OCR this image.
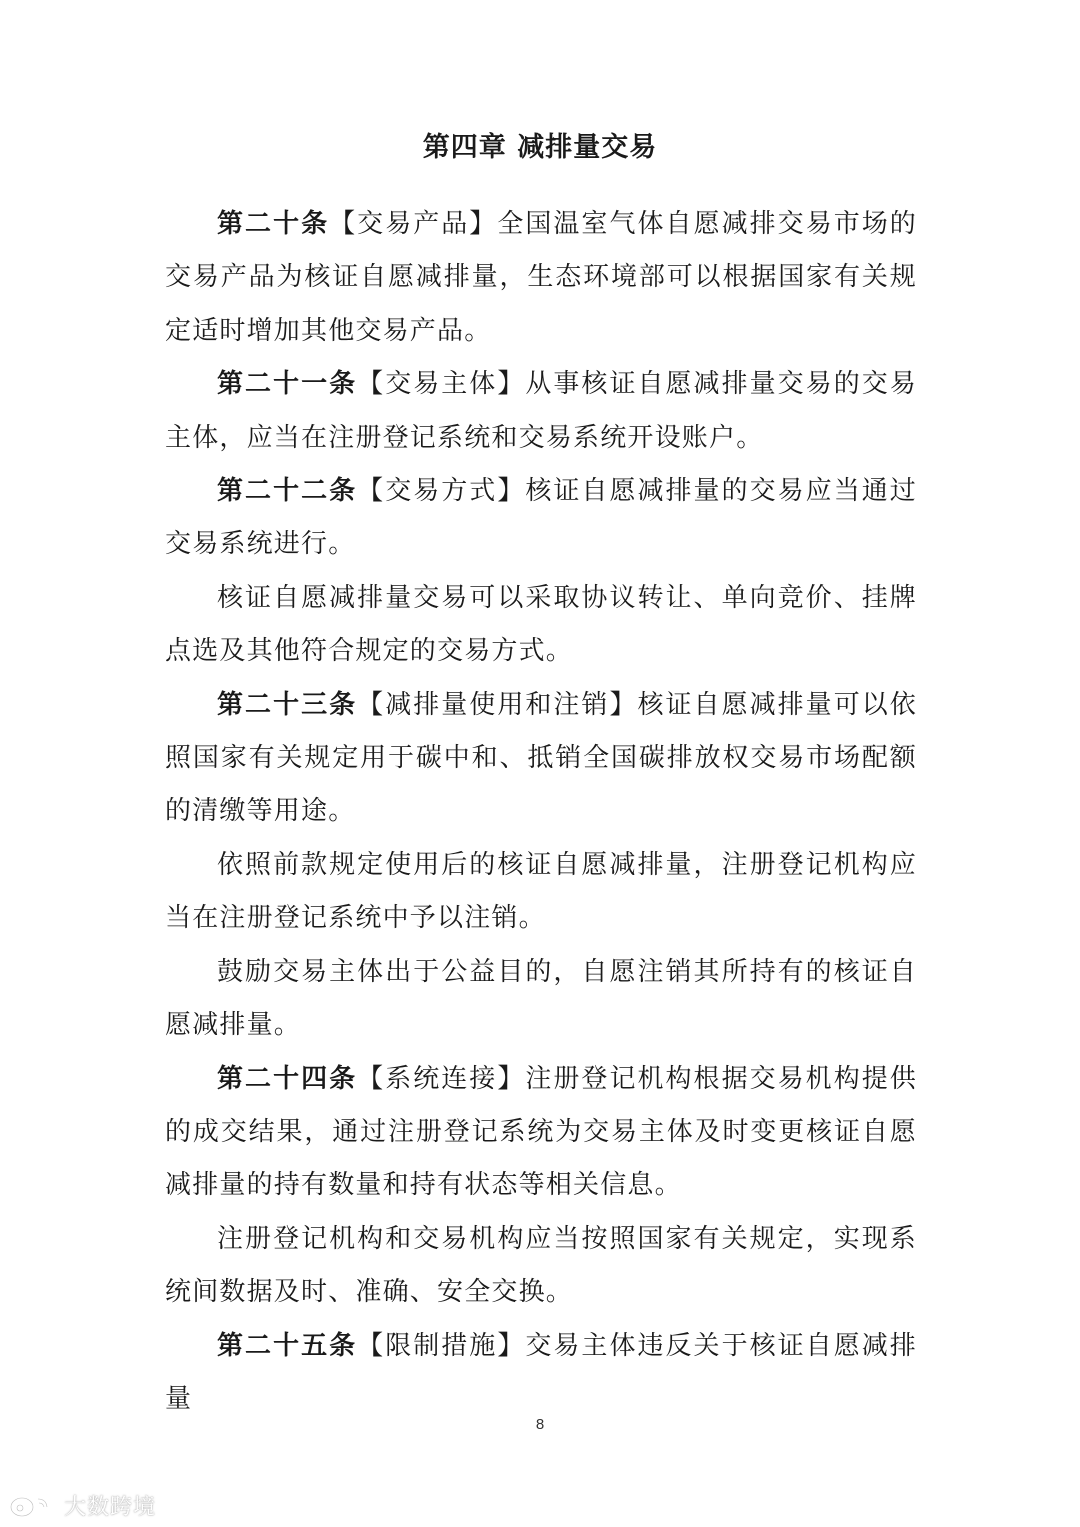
第四章 减排量交易

第二十条【交易产品】全国温室气体自愿减排交易市场的交易产品为核证自愿减排量，生态环境部可以根据国家有关规定适时增加其他交易产品。

第二十一条【交易主体】从事核证自愿减排量交易的交易主体，应当在注册登记系统和交易系统开设账户。

第二十二条【交易方式】核证自愿减排量的交易应当通过交易系统进行。

核证自愿减排量交易可以采取协议转让、单向竞价、挂牌点选及其他符合规定的交易方式。

第二十三条【减排量使用和注销】核证自愿减排量可以依照国家有关规定用于碳中和、抵销全国碳排放权交易市场配额的清缴等用途。

依照前款规定使用后的核证自愿减排量，注册登记机构应当在注册登记系统中予以注销。

鼓励交易主体出于公益目的，自愿注销其所持有的核证自愿减排量。

第二十四条【系统连接】注册登记机构根据交易机构提供的成交结果，通过注册登记系统为交易主体及时变更核证自愿减排量的持有数量和持有状态等相关信息。

注册登记机构和交易机构应当按照国家有关规定，实现系统间数据及时、准确、安全交换。

第二十五条【限制措施】交易主体违反关于核证自愿减排量

8
大数跨境
